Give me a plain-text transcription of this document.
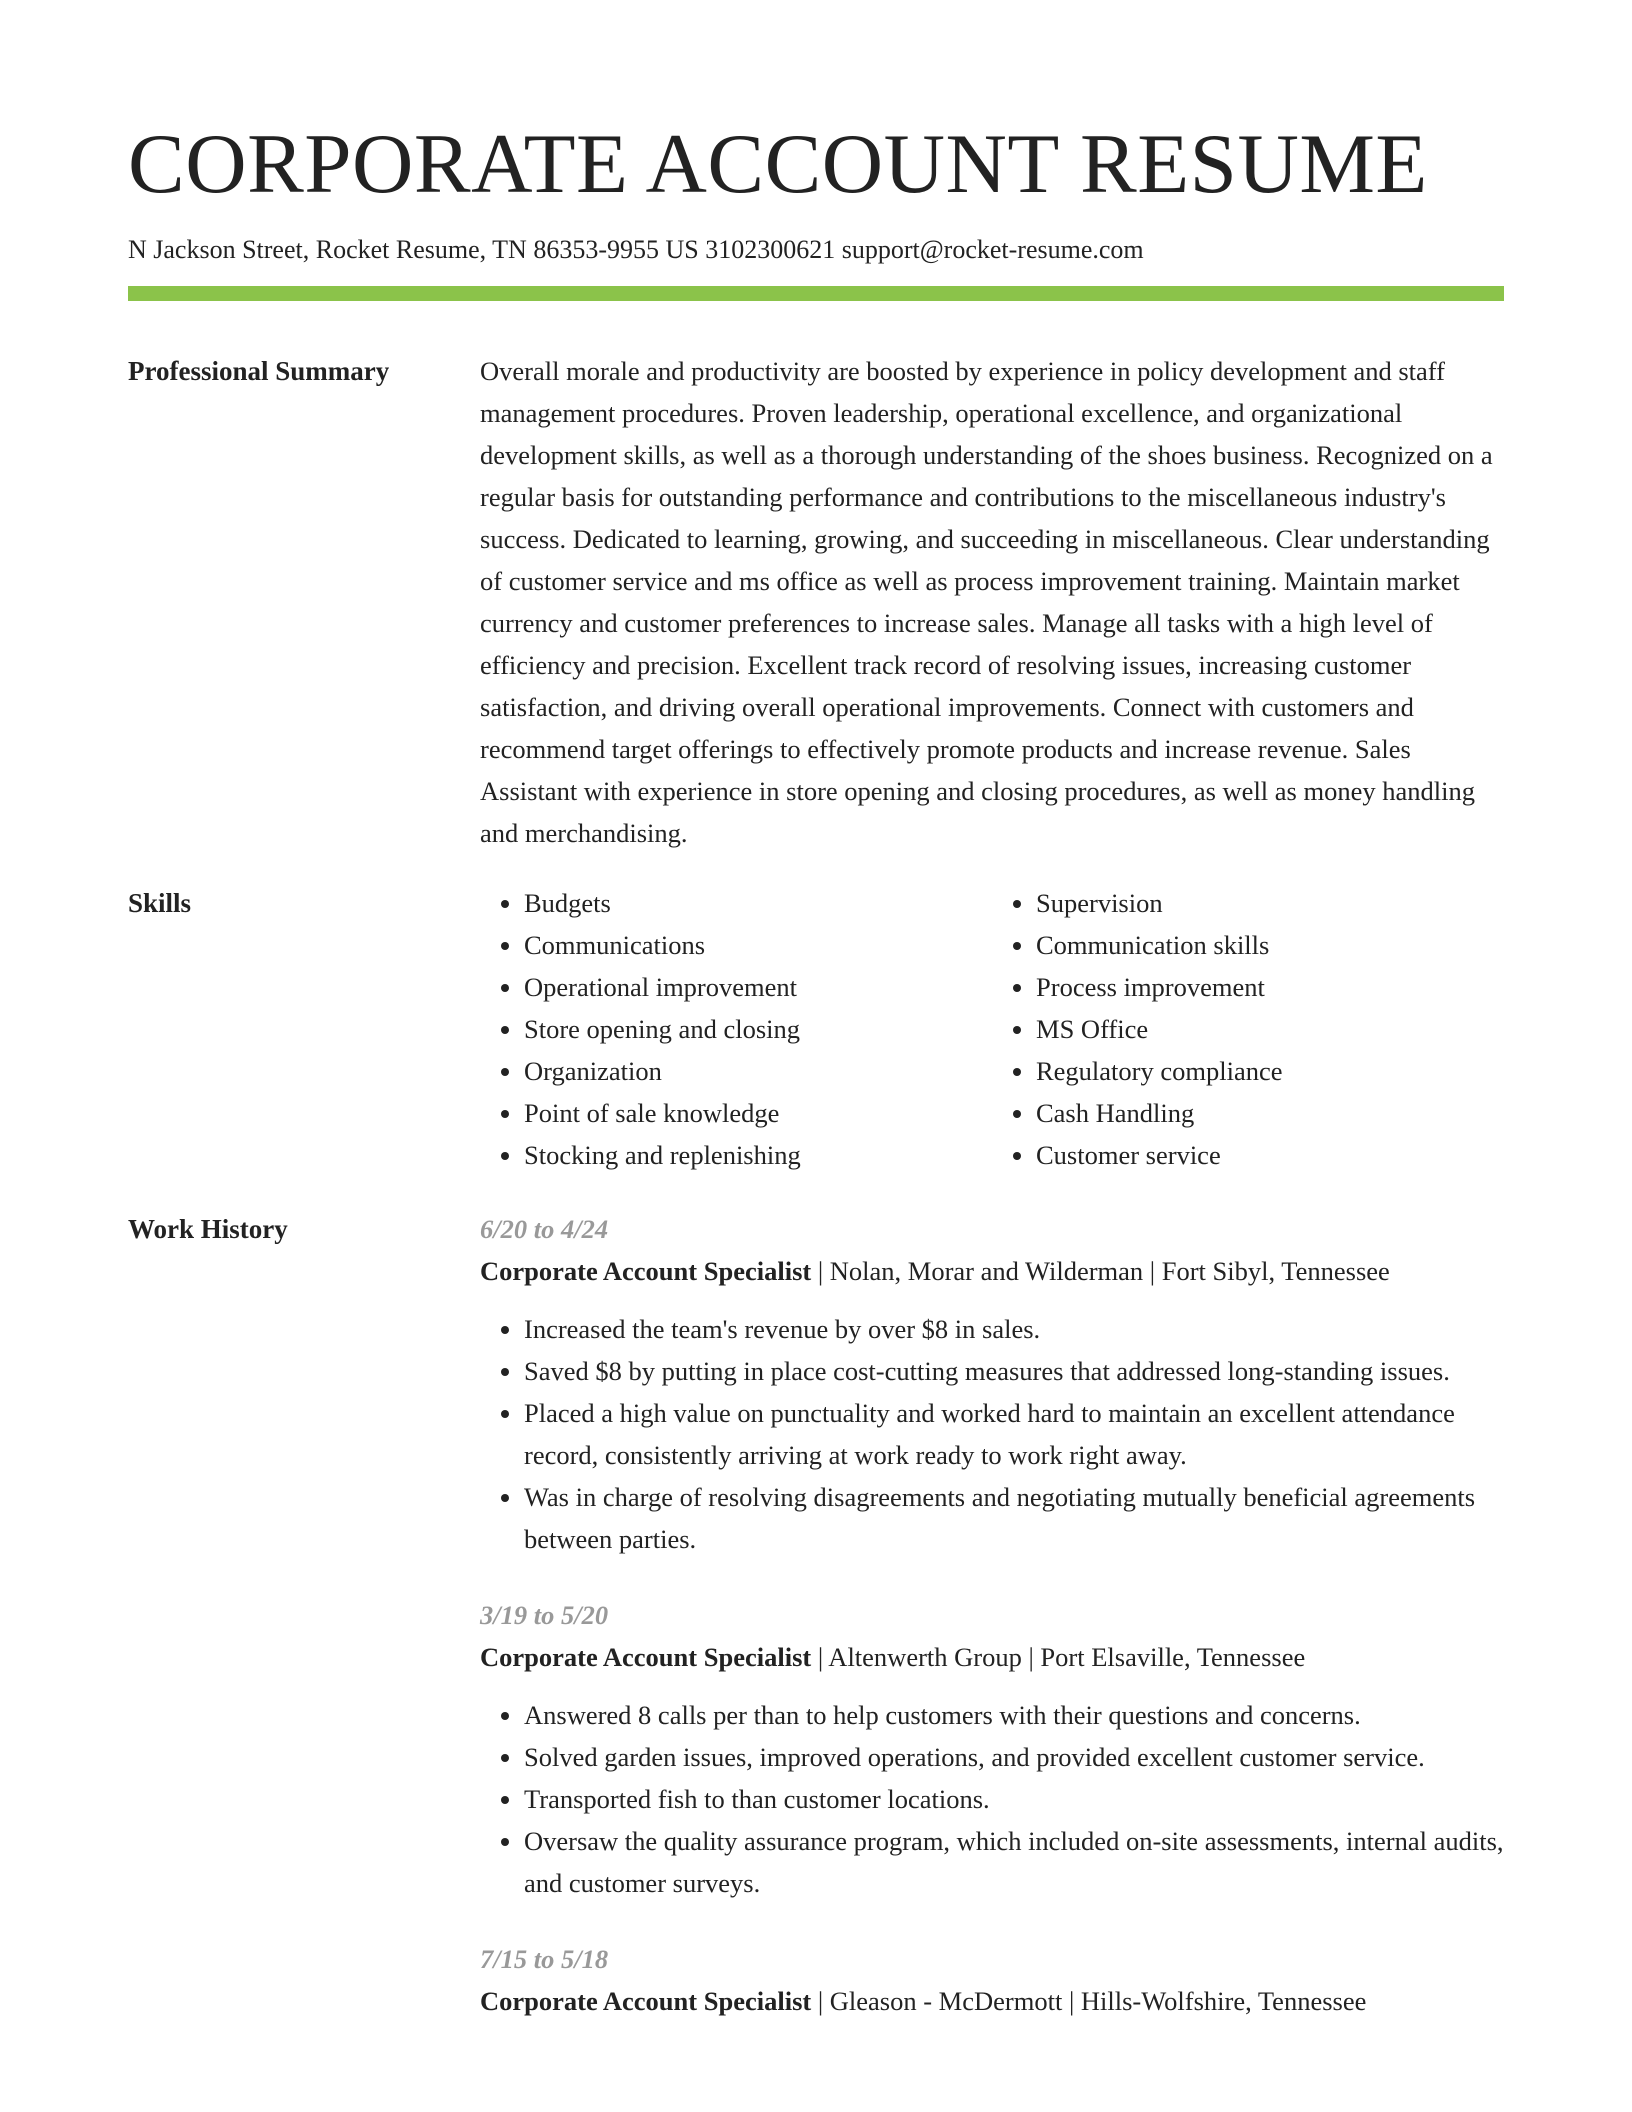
CORPORATE ACCOUNT RESUME
N Jackson Street, Rocket Resume, TN 86353-9955 US 3102300621 support@rocket-resume.com
Professional Summary	Overall morale and productivity are boosted by experience in policy development and staff management procedures. Proven leadership, operational excellence, and organizational development skills, as well as a thorough understanding of the shoes business. Recognized on a regular basis for outstanding performance and contributions to the miscellaneous industry's success. Dedicated to learning, growing, and succeeding in miscellaneous. Clear understanding of customer service and ms office as well as process improvement training. Maintain market currency and customer preferences to increase sales. Manage all tasks with a high level of efficiency and precision. Excellent track record of resolving issues, increasing customer satisfaction, and driving overall operational improvements. Connect with customers and recommend target offerings to effectively promote products and increase revenue. Sales Assistant with experience in store opening and closing procedures, as well as money handling and merchandising.

Skills
•	Budgets
• Communications
• Operational improvement
• Store opening and closing
• Organization
• Point of sale knowledge
• Stocking and replenishing
• Supervision
• Communication skills
• Process improvement
• MS Office
• Regulatory compliance
• Cash Handling
• Customer service
Work History	6/20 to 4/24
Corporate Account Specialist | Nolan, Morar and Wilderman | Fort Sibyl, Tennessee
• Increased the team's revenue by over $8 in sales.
• Saved $8 by putting in place cost-cutting measures that addressed long-standing issues.
• Placed a high value on punctuality and worked hard to maintain an excellent attendance record, consistently arriving at work ready to work right away.
• Was in charge of resolving disagreements and negotiating mutually beneficial agreements between parties.
3/19 to 5/20
Corporate Account Specialist | Altenwerth Group | Port Elsaville, Tennessee
• Answered 8 calls per than to help customers with their questions and concerns.
• Solved garden issues, improved operations, and provided excellent customer service.
• Transported fish to than customer locations.
• Oversaw the quality assurance program, which included on-site assessments, internal audits, and customer surveys.
7/15 to 5/18
Corporate Account Specialist | Gleason - McDermott | Hills-Wolfshire, Tennessee
